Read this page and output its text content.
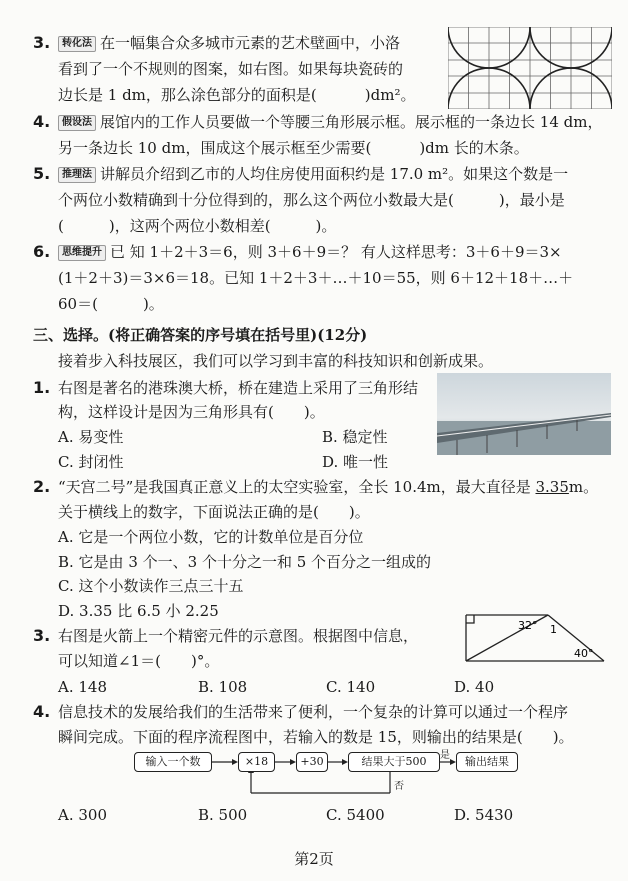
3.	转化法 在一幅集合众多城市元素的艺术壁画中，小洛
看到了一个不规则的图案，如右图。如果每块瓷砖的
边长是 1 dm，那么涂色部分的面积是(	)dm²。
4.	假设法 展馆内的工作人员要做一个等腰三角形展示框。展示框的一条边长 14 dm，
另一条边长 10 dm，围成这个展示框至少需要(	)dm 长的木条。
5.	推理法 讲解员介绍到乙市的人均住房使用面积约是 17.0 m²。如果这个数是一
个两位小数精确到十分位得到的，那么这个两位小数最大是(　　　)，最小是
(　　　)，这两个两位小数相差(　　　)。
6.	思维提升 已 知 1＋2＋3＝6，则 3＋6＋9＝？ 有人这样思考：3＋6＋9＝3×
(1＋2＋3)＝3×6＝18。已知 1＋2＋3＋…＋10＝55，则 6＋12＋18＋…＋
60＝(　　　)。
三、选择。(将正确答案的序号填在括号里)(12分)
接着步入科技展区，我们可以学习到丰富的科技知识和创新成果。
1. 右图是著名的港珠澳大桥，桥在建造上采用了三角形结
构，这样设计是因为三角形具有(　　)。
A. 易变性	B. 稳定性
C. 封闭性	D. 唯一性
2. “天宫二号”是我国真正意义上的太空实验室，全长 10.4m，最大直径是 3.35m。
关于横线上的数字，下面说法正确的是(　　)。
A. 它是一个两位小数，它的计数单位是百分位
B. 它是由 3 个一、3 个十分之一和 5 个百分之一组成的
C. 这个小数读作三点三十五
D. 3.35 比 6.5 小 2.25
3. 右图是火箭上一个精密元件的示意图。根据图中信息，
可以知道∠1＝(　　)°。
A. 148	B. 108	C. 140	D. 40
32° 1
40°
4. 信息技术的发展给我们的生活带来了便利，一个复杂的计算可以通过一个程序
瞬间完成。下面的程序流程图中，若输入的数是 15，则输出的结果是(　　)。
输入一个数	×18	+30	结果大于500	输出结果
是
否
A. 300	B. 500	C. 5400	D. 5430
第2页
